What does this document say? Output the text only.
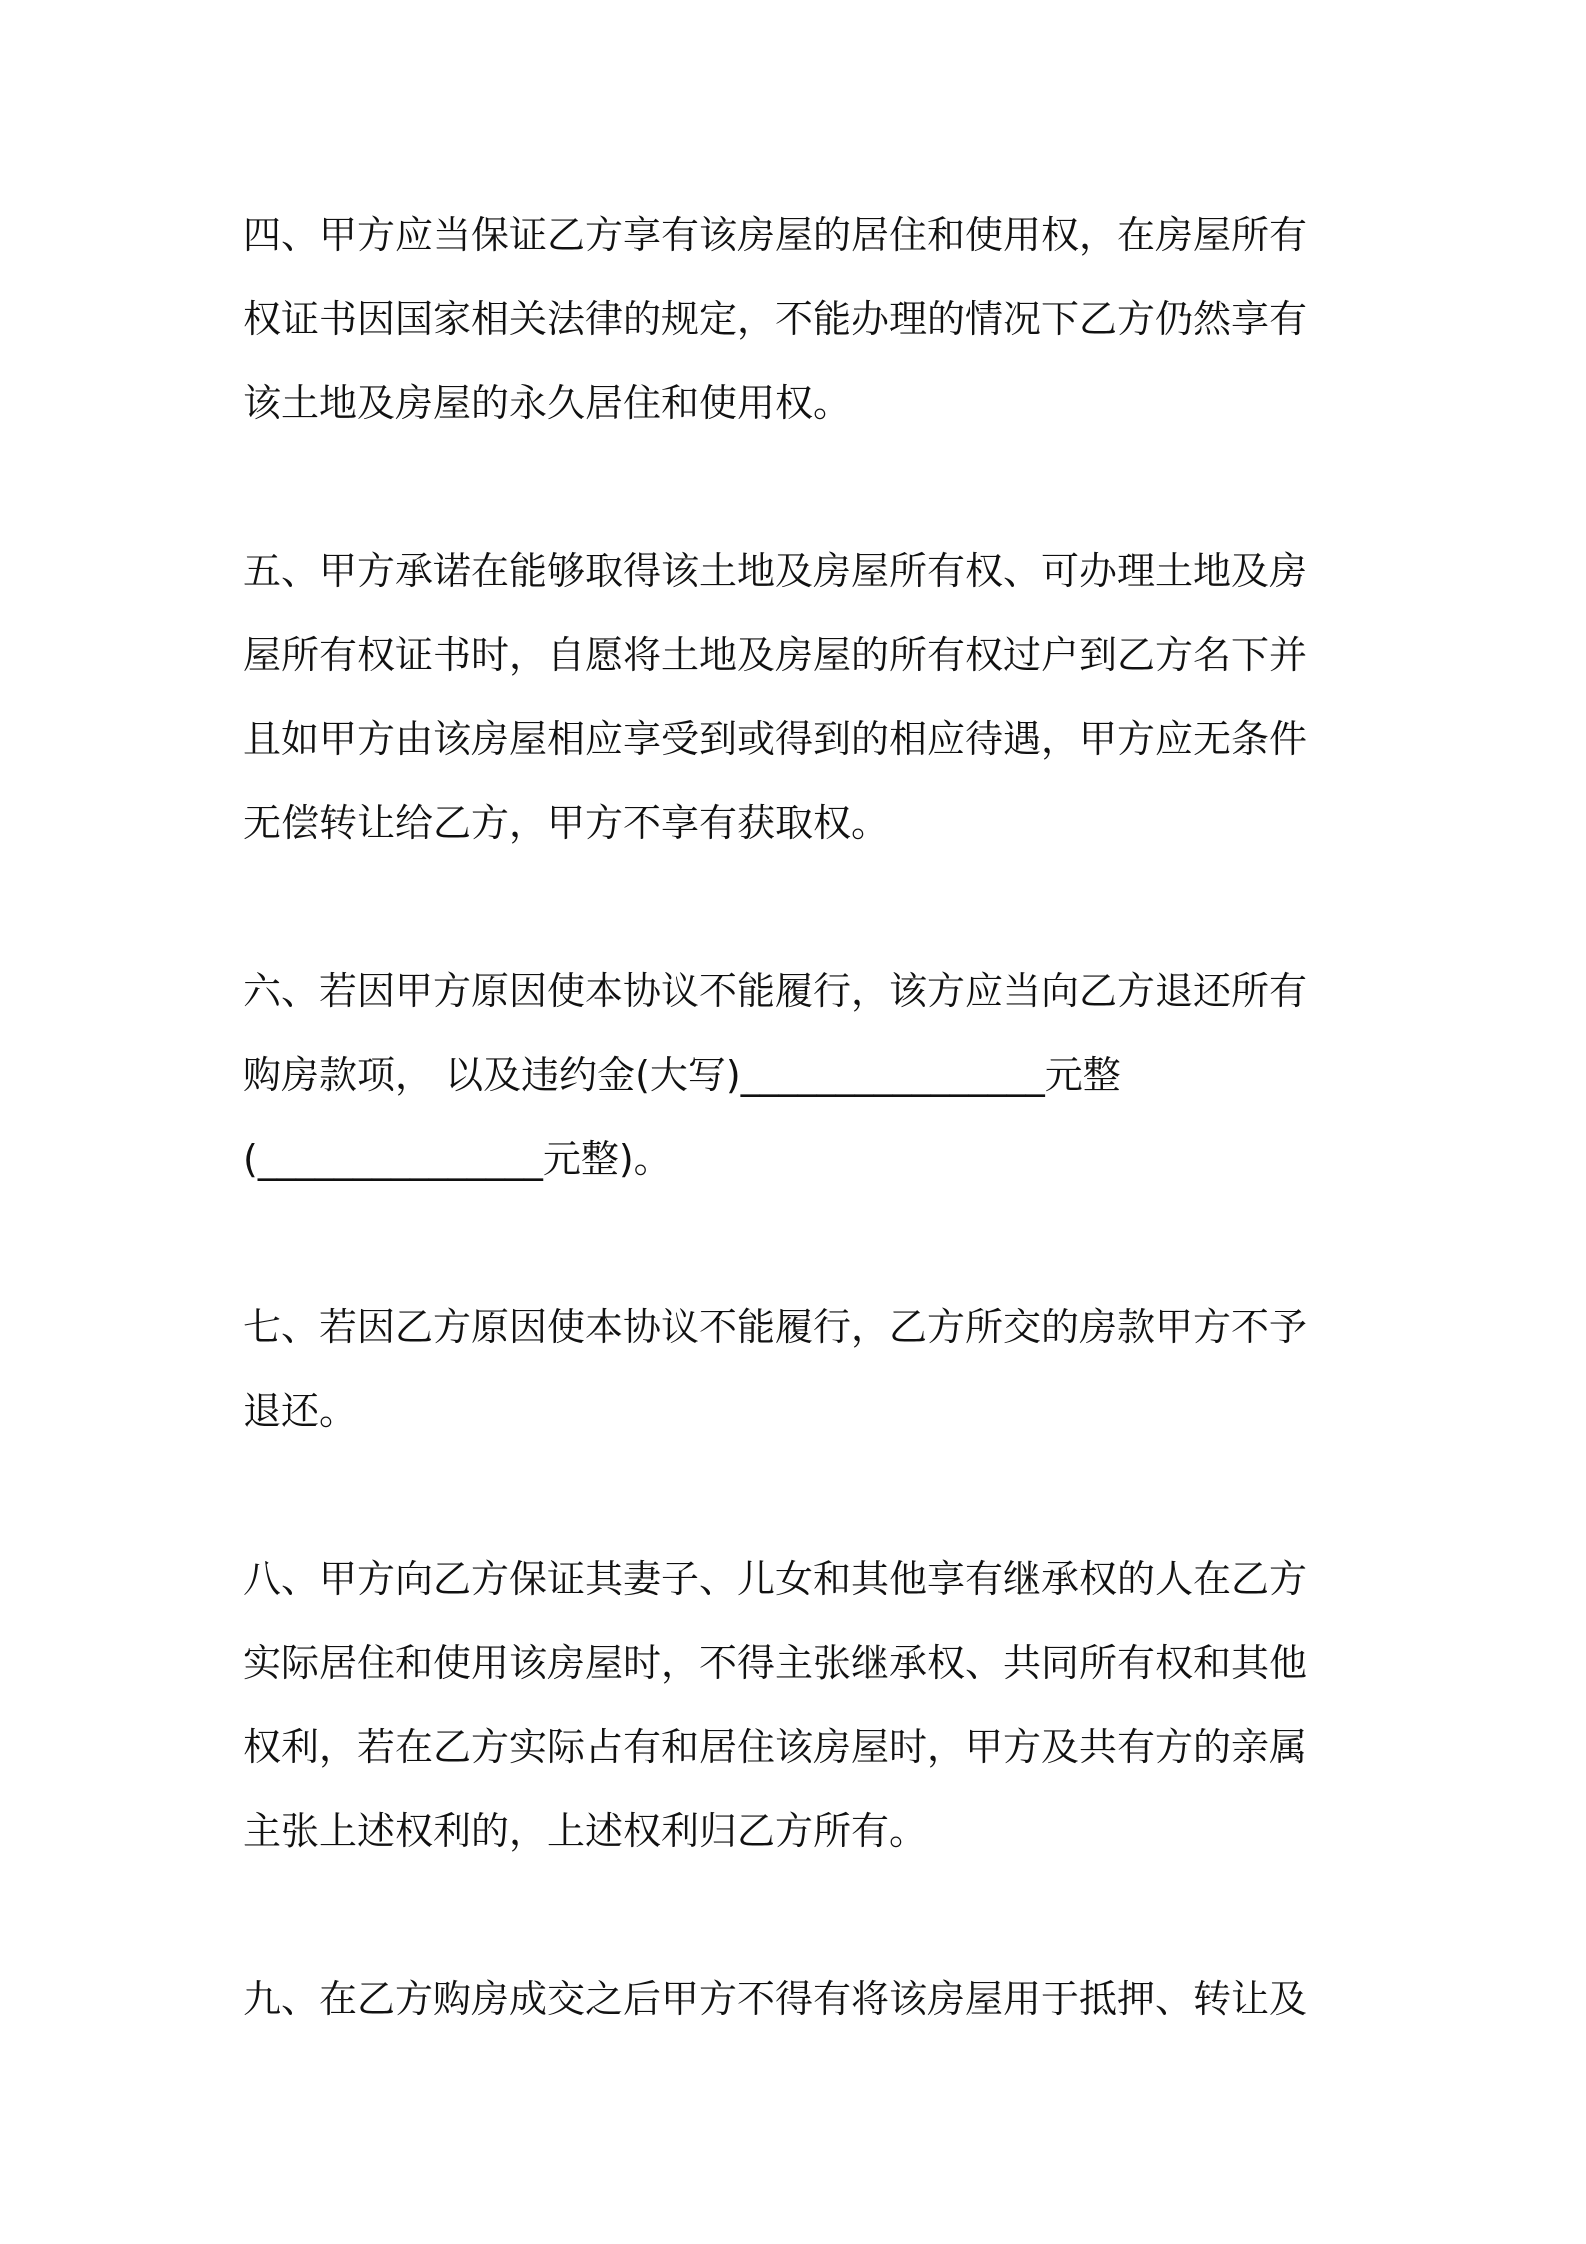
四、甲方应当保证乙方享有该房屋的居住和使用权，在房屋所有
权证书因国家相关法律的规定，不能办理的情况下乙方仍然享有
该土地及房屋的永久居住和使用权。

五、甲方承诺在能够取得该土地及房屋所有权、可办理土地及房
屋所有权证书时，自愿将土地及房屋的所有权过户到乙方名下并
且如甲方由该房屋相应享受到或得到的相应待遇，甲方应无条件
无偿转让给乙方，甲方不享有获取权。

六、若因甲方原因使本协议不能履行，该方应当向乙方退还所有
购房款项， 以及违约金(大写)________________元整
(_______________元整)。

七、若因乙方原因使本协议不能履行，乙方所交的房款甲方不予
退还。

八、甲方向乙方保证其妻子、儿女和其他享有继承权的人在乙方
实际居住和使用该房屋时，不得主张继承权、共同所有权和其他
权利，若在乙方实际占有和居住该房屋时，甲方及共有方的亲属
主张上述权利的，上述权利归乙方所有。

九、在乙方购房成交之后甲方不得有将该房屋用于抵押、转让及
